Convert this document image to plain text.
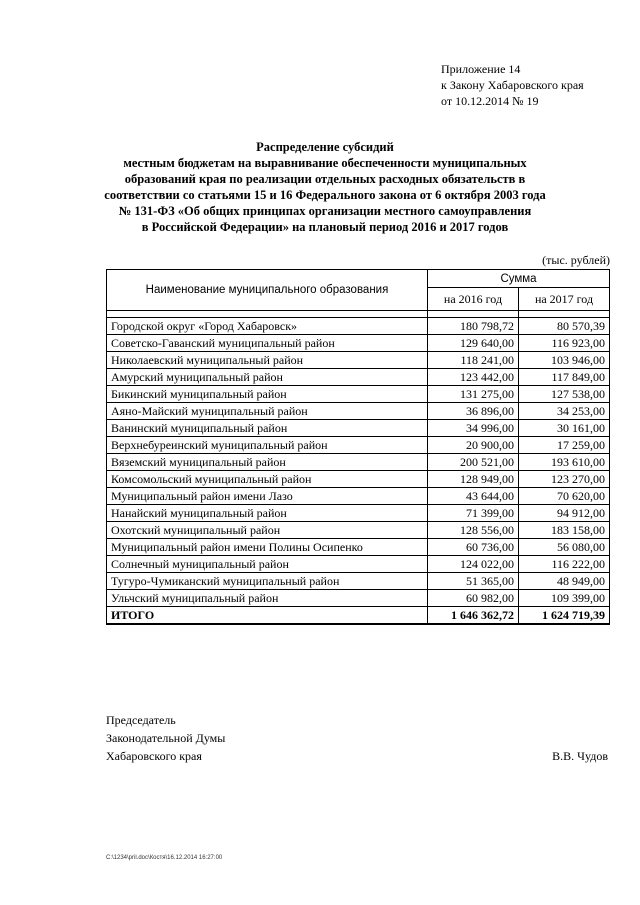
Приложение 14
к Закону Хабаровского края
от 10.12.2014 № 19
Распределение субсидий
местным бюджетам на выравнивание обеспеченности муниципальных
образований края по реализации отдельных расходных обязательств в
соответствии со статьями 15 и 16 Федерального закона от 6 октября 2003 года
№ 131-ФЗ «Об общих принципах организации местного самоуправления
в Российской Федерации» на плановый период 2016 и 2017 годов
(тыс. рублей)
Наименование муниципального образования	Сумма	
	на 2016 год	на 2017 год

Городской округ «Город Хабаровск»	180 798,72	80 570,39
Советско-Гаванский муниципальный район	129 640,00	116 923,00
Николаевский муниципальный район	118 241,00	103 946,00
Амурский муниципальный район	123 442,00	117 849,00
Бикинский муниципальный район	131 275,00	127 538,00
Аяно-Майский муниципальный район	36 896,00	34 253,00
Ванинский муниципальный район	34 996,00	30 161,00
Верхнебуреинский муниципальный район	20 900,00	17 259,00
Вяземский муниципальный район	200 521,00	193 610,00
Комсомольский муниципальный район	128 949,00	123 270,00
Муниципальный район имени Лазо	43 644,00	70 620,00
Нанайский муниципальный район	71 399,00	94 912,00
Охотский муниципальный район	128 556,00	183 158,00
Муниципальный район имени Полины Осипенко	60 736,00	56 080,00
Солнечный муниципальный район	124 022,00	116 222,00
Тугуро-Чумиканский муниципальный район	51 365,00	48 949,00
Ульчский муниципальный район	60 982,00	109 399,00
ИТОГО	1 646 362,72	1 624 719,39
Председатель
Законодательной Думы
Хабаровского края	В.В. Чудов
C:\1234\pril.doc\Костя\16.12.2014 16:27:00
